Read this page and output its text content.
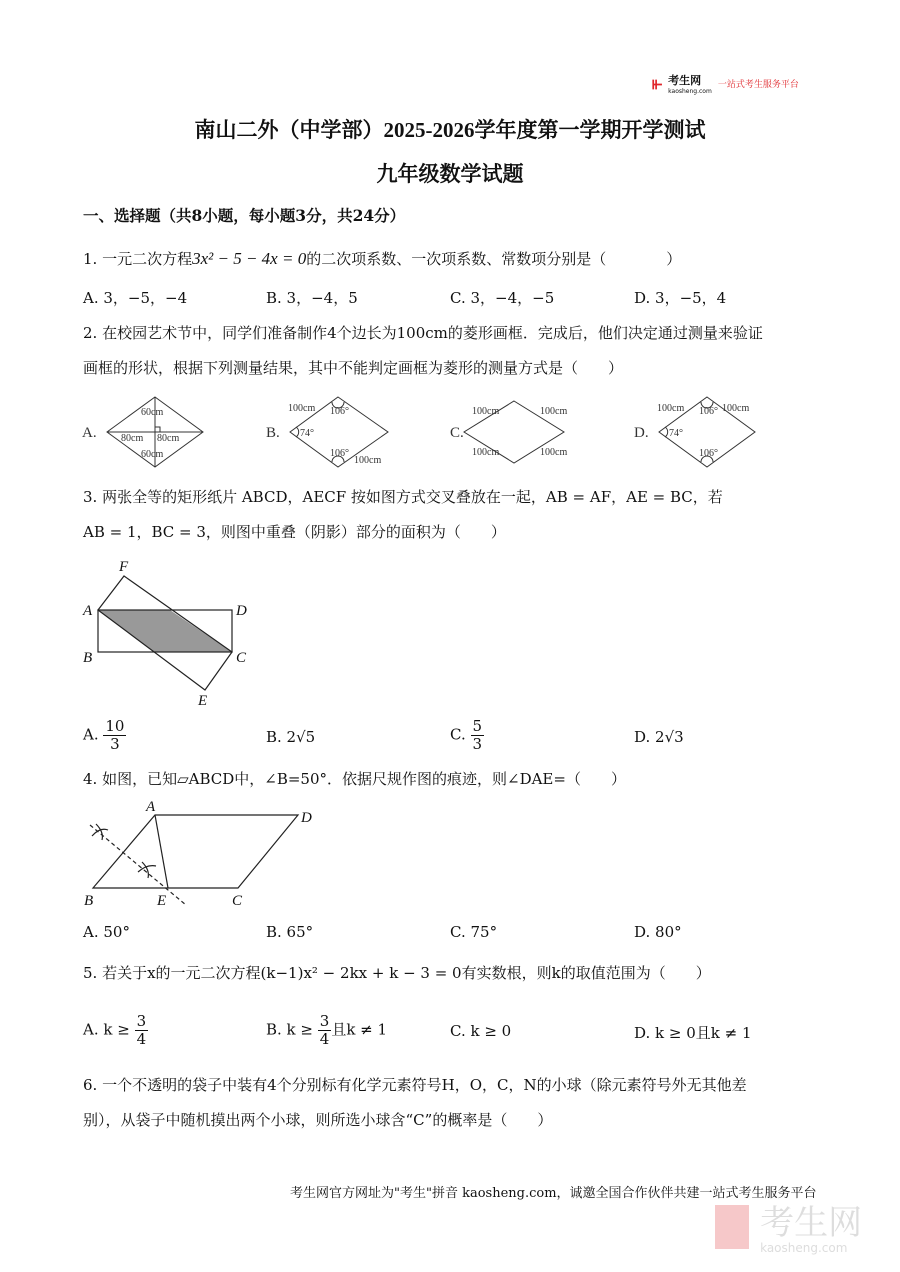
⫦ 考生网
kaosheng.com
一站式考生服务平台
南山二外（中学部）2025-2026学年度第一学期开学测试
九年级数学试题
一、选择题（共8小题，每小题3分，共24分）
1. 一元二次方程3x² − 5 − 4x = 0的二次项系数、一次项系数、常数项分别是（　　　　）
A. 3，−5，−4	B. 3，−4，5	C. 3，−4，−5	D. 3，−5，4
2. 在校园艺术节中，同学们准备制作4个边长为100cm的菱形画框．完成后，他们决定通过测量来验证
画框的形状，根据下列测量结果，其中不能判定画框为菱形的测量方式是（　　）
A.
60cm
60cm
80cm 80cm	B.
100cm 106°
74°
106°
100cm
C.
100cm	100cm
100cm	100cm
D.
100cm 106° 100cm
74°
106°
3. 两张全等的矩形纸片 ABCD，AECF 按如图方式交叉叠放在一起，AB = AF，AE = BC，若
AB = 1，BC = 3，则图中重叠（阴影）部分的面积为（　　）
F
A	D
B	C
E
A. $\frac{10}{3}$	B. 2√5	C. $\frac{5}{3}$	D. 2√3
4. 如图，已知▱ABCD中，∠B=50°．依据尺规作图的痕迹，则∠DAE=（　　）
A
D
B	E	C
A. 50°	B. 65°	C. 75°	D. 80°
5. 若关于x的一元二次方程(k−1)x² − 2kx + k − 3 = 0有实数根，则k的取值范围为（　　）
A. $k \ge \frac{3}{4}$	B. $k \ge \frac{3}{4}$ 且k ≠ 1	C. k ≥ 0	D. k ≥ 0且k ≠ 1
6. 一个不透明的袋子中装有4个分别标有化学元素符号H，O，C，N的小球（除元素符号外无其他差
别），从袋子中随机摸出两个小球，则所选小球含“C”的概率是（　　）
考生网官方网址为"考生"拼音 kaosheng.com，诚邀全国合作伙伴共建一站式考生服务平台

考生网
kaosheng.com
